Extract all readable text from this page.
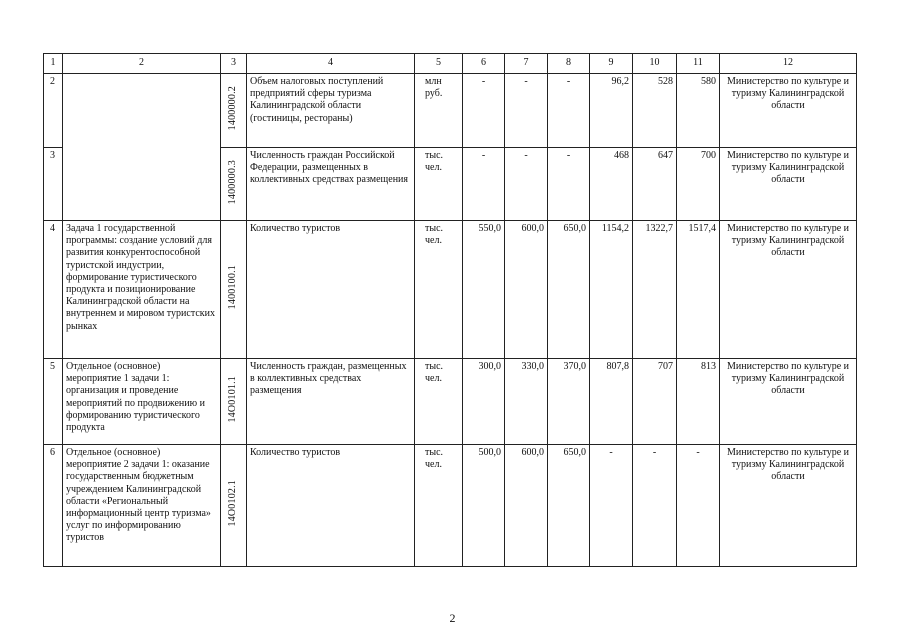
1	2	3	4	5	6	7	8	9	10	11	12
2		1400000.2	Объем налоговых поступлений предприятий сферы туризма Калининградской области (гостиницы, рестораны)	млн руб.	-	-	-	96,2	528	580	Министерство по культуре и туризму Калининградской области
3		1400000.3	Численность граждан Российской Федерации, размещенных в коллективных средствах размещения	тыс. чел.	-	-	-	468	647	700	Министерство по культуре и туризму Калининградской области
4	Задача 1 государственной программы: создание условий для развития конкурентоспособной туристской индустрии, формирование туристического продукта и позиционирование Калининградской области на внутреннем и мировом туристских рынках	1400100.1	Количество туристов	тыс. чел.	550,0	600,0	650,0	1154,2	1322,7	1517,4	Министерство по культуре и туризму Калининградской области
5	Отдельное (основное) мероприятие 1 задачи 1: организация и проведение мероприятий по продвижению и формированию туристического продукта	14О0101.1	Численность граждан, размещенных в коллективных средствах размещения	тыс. чел.	300,0	330,0	370,0	807,8	707	813	Министерство по культуре и туризму Калининградской области
6	Отдельное (основное) мероприятие 2 задачи 1: оказание государственным бюджетным учреждением Калининградской области «Региональный информационный центр туризма» услуг по информированию туристов	14О0102.1	Количество туристов	тыс. чел.	500,0	600,0	650,0	-	-	-	Министерство по культуре и туризму Калининградской области
2
